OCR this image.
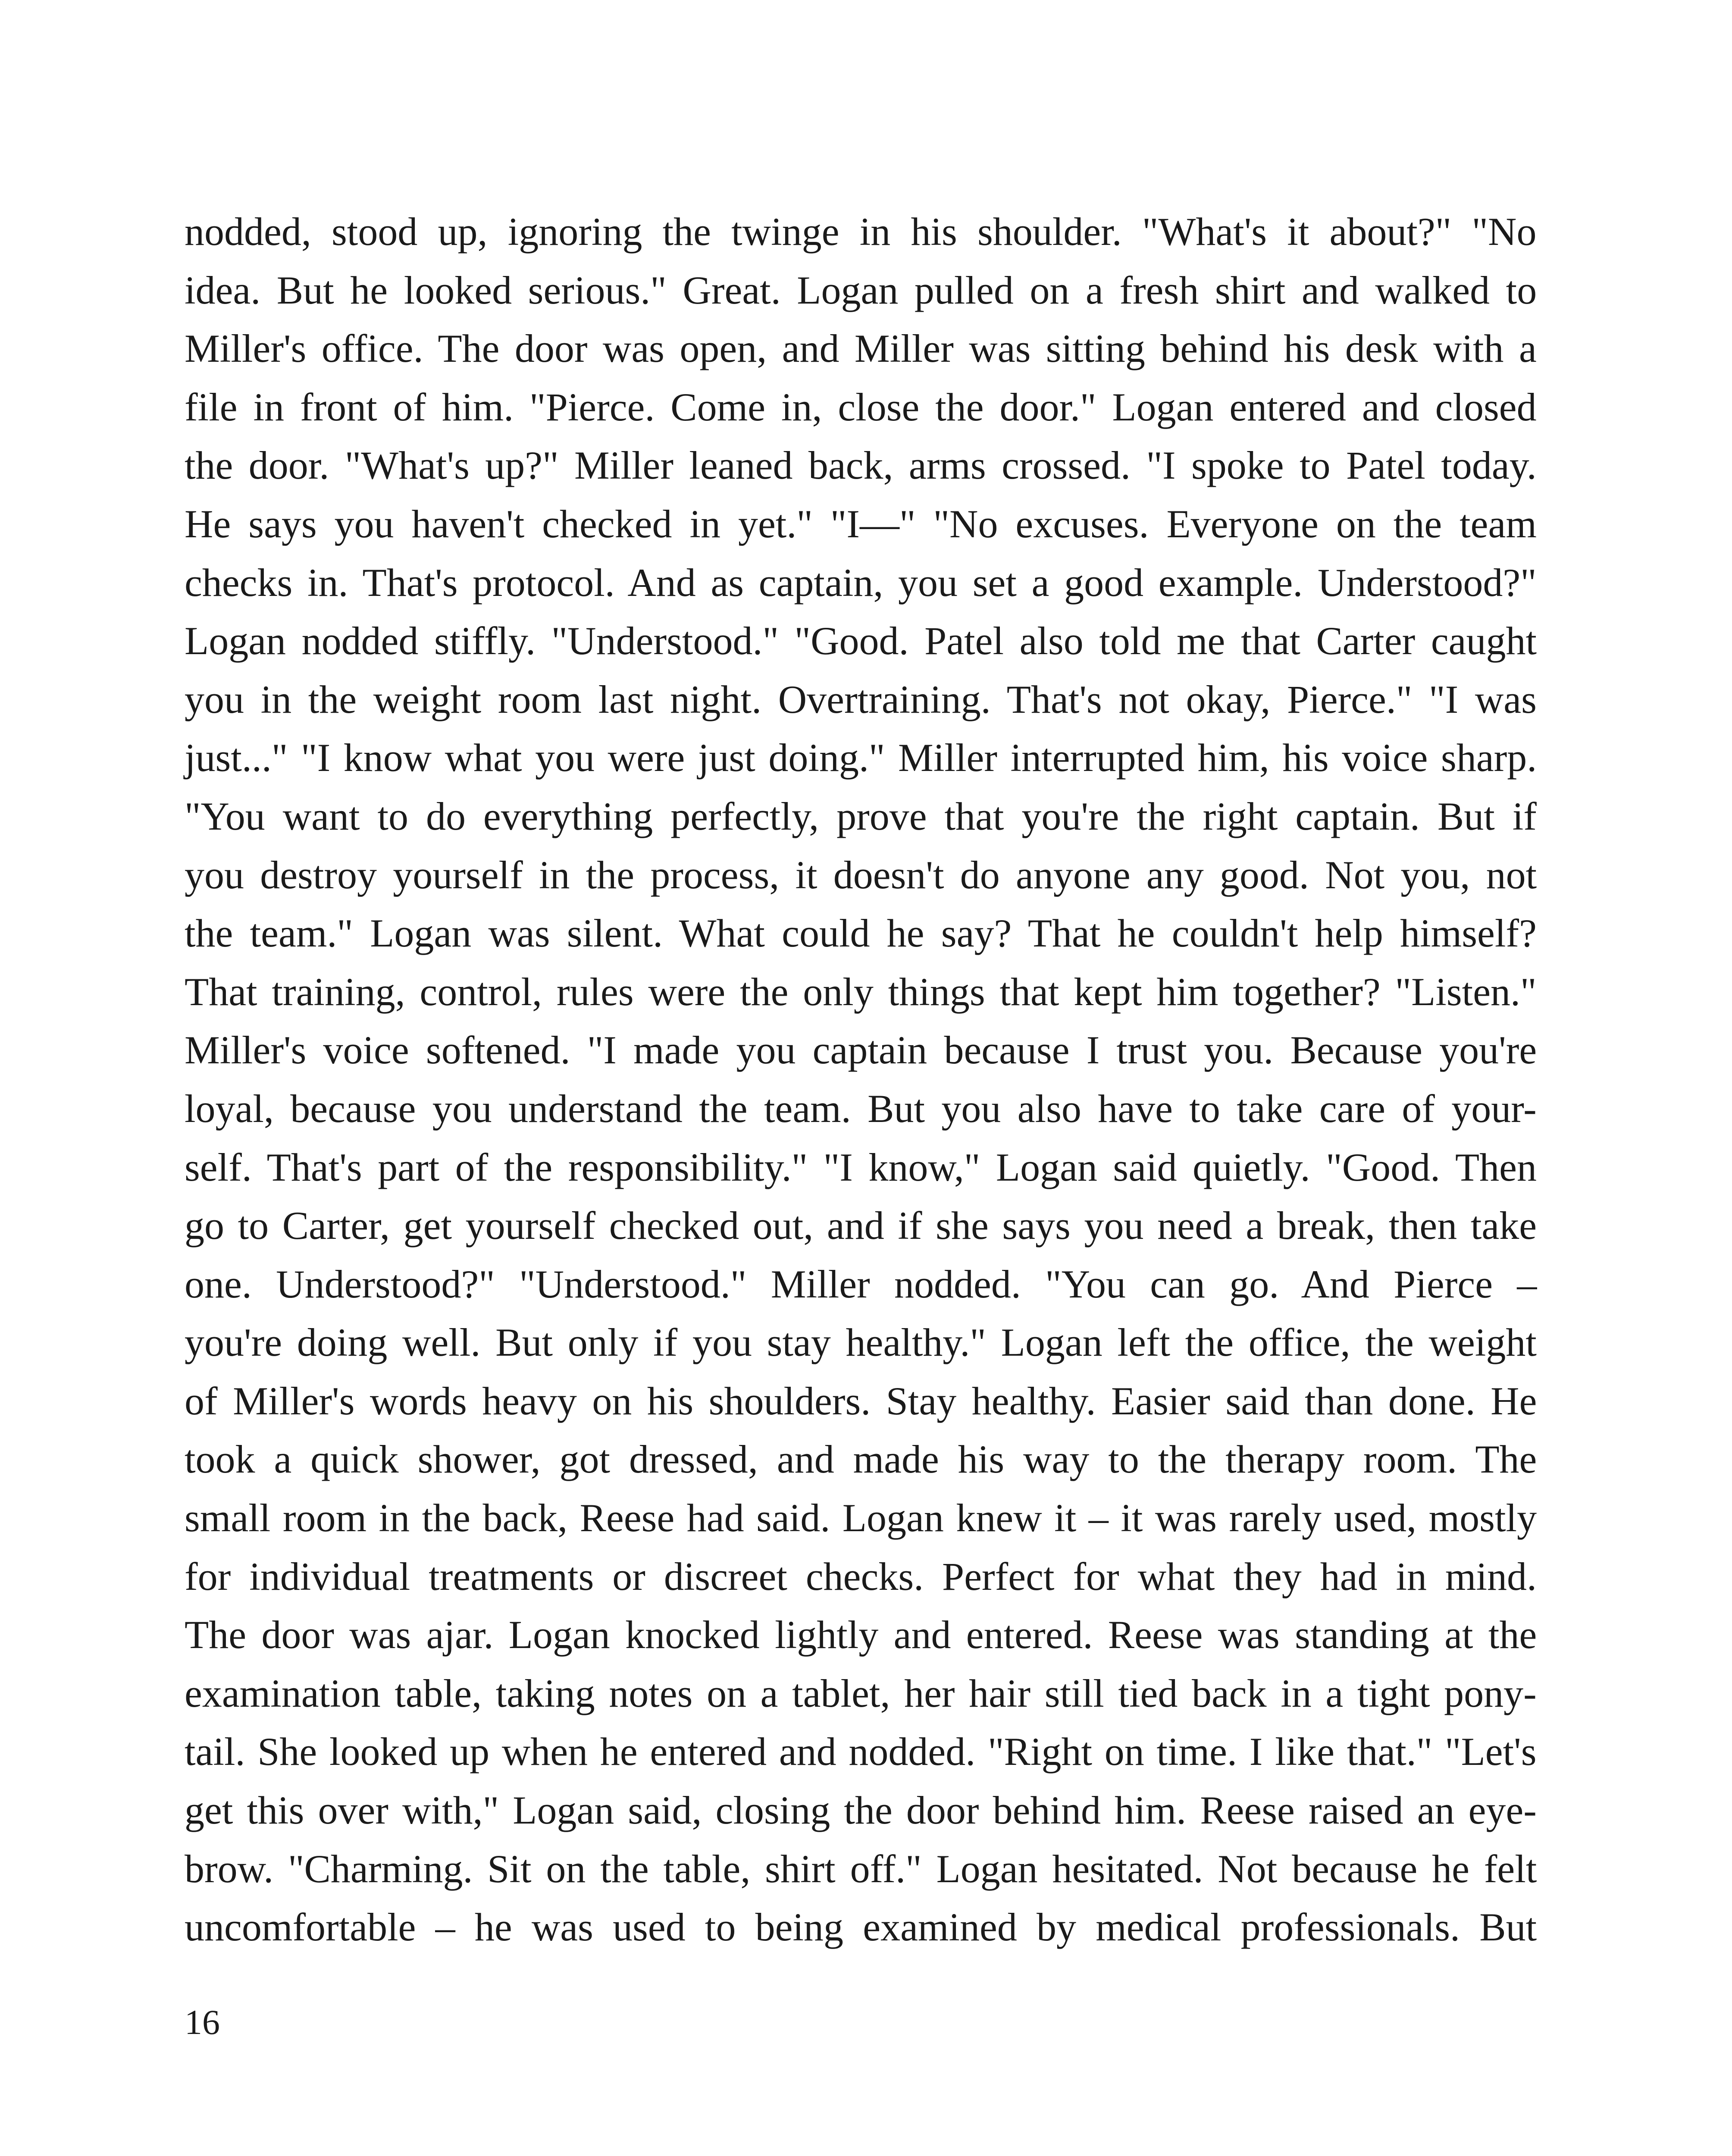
nodded, stood up, ignoring the twinge in his shoulder. "What's it about?" "No
idea. But he looked serious." Great. Logan pulled on a fresh shirt and walked to
Miller's office. The door was open, and Miller was sitting behind his desk with a
file in front of him. "Pierce. Come in, close the door." Logan entered and closed
the door. "What's up?" Miller leaned back, arms crossed. "I spoke to Patel today.
He says you haven't checked in yet." "I—" "No excuses. Everyone on the team
checks in. That's protocol. And as captain, you set a good example. Understood?"
Logan nodded stiffly. "Understood." "Good. Patel also told me that Carter caught
you in the weight room last night. Overtraining. That's not okay, Pierce." "I was
just..." "I know what you were just doing." Miller interrupted him, his voice sharp.
"You want to do everything perfectly, prove that you're the right captain. But if
you destroy yourself in the process, it doesn't do anyone any good. Not you, not
the team." Logan was silent. What could he say? That he couldn't help himself?
That training, control, rules were the only things that kept him together? "Listen."
Miller's voice softened. "I made you captain because I trust you. Because you're
loyal, because you understand the team. But you also have to take care of your-
self. That's part of the responsibility." "I know," Logan said quietly. "Good. Then
go to Carter, get yourself checked out, and if she says you need a break, then take
one. Understood?" "Understood." Miller nodded. "You can go. And Pierce –
you're doing well. But only if you stay healthy." Logan left the office, the weight
of Miller's words heavy on his shoulders. Stay healthy. Easier said than done. He
took a quick shower, got dressed, and made his way to the therapy room. The
small room in the back, Reese had said. Logan knew it – it was rarely used, mostly
for individual treatments or discreet checks. Perfect for what they had in mind.
The door was ajar. Logan knocked lightly and entered. Reese was standing at the
examination table, taking notes on a tablet, her hair still tied back in a tight pony-
tail. She looked up when he entered and nodded. "Right on time. I like that." "Let's
get this over with," Logan said, closing the door behind him. Reese raised an eye-
brow. "Charming. Sit on the table, shirt off." Logan hesitated. Not because he felt
uncomfortable – he was used to being examined by medical professionals. But

16
